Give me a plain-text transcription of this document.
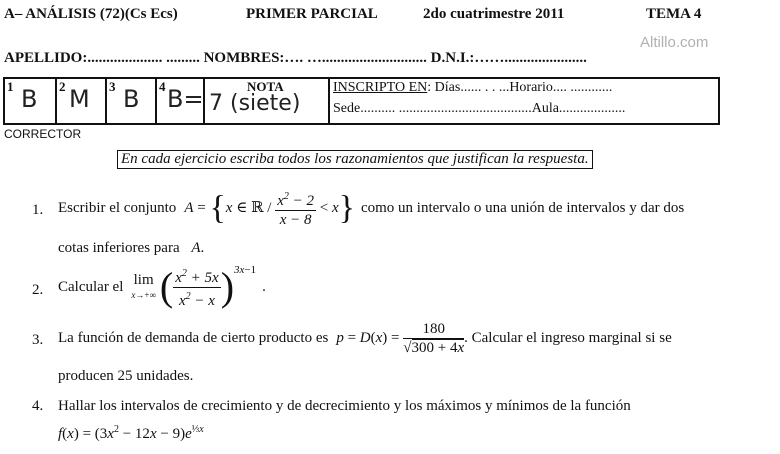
A– ANÁLISIS (72)(Cs Ecs)	PRIMER PARCIAL	2do cuatrimestre 2011	TEMA 4
Altillo.com
APELLIDO:.................... ......... NOMBRES:…. …............................ D.N.I.:……......................
1 B 2 M 3 B 4 B=	NOTA
7 (siete)
INSCRIPTO EN: Días...... . . ...Horario.... ............
Sede.......... ......................................Aula...................
CORRECTOR
En cada ejercicio escriba todos los razonamientos que justifican la respuesta.
1. Escribir el conjunto A = {x ∈ ℝ / $\frac{x^2 - 2}{x - 8} < x$} como un intervalo o una unión de intervalos y dar dos
cotas inferiores para A.
2. Calcular el lim
x→+∞ ( $\frac{x^2 + 5x}{x^2 - x}$ ) 3x−1
.
3. La función de demanda de cierto producto es $p = D(x) = \frac{180}{√300 + 4x}$ . Calcular el ingreso marginal si se
producen 25 unidades.
4. Hallar los intervalos de crecimiento y de decrecimiento y los máximos y mínimos de la función
$f(x) = (3x^2 - 12x - 9)e^{\frac{1}{3}x}$
